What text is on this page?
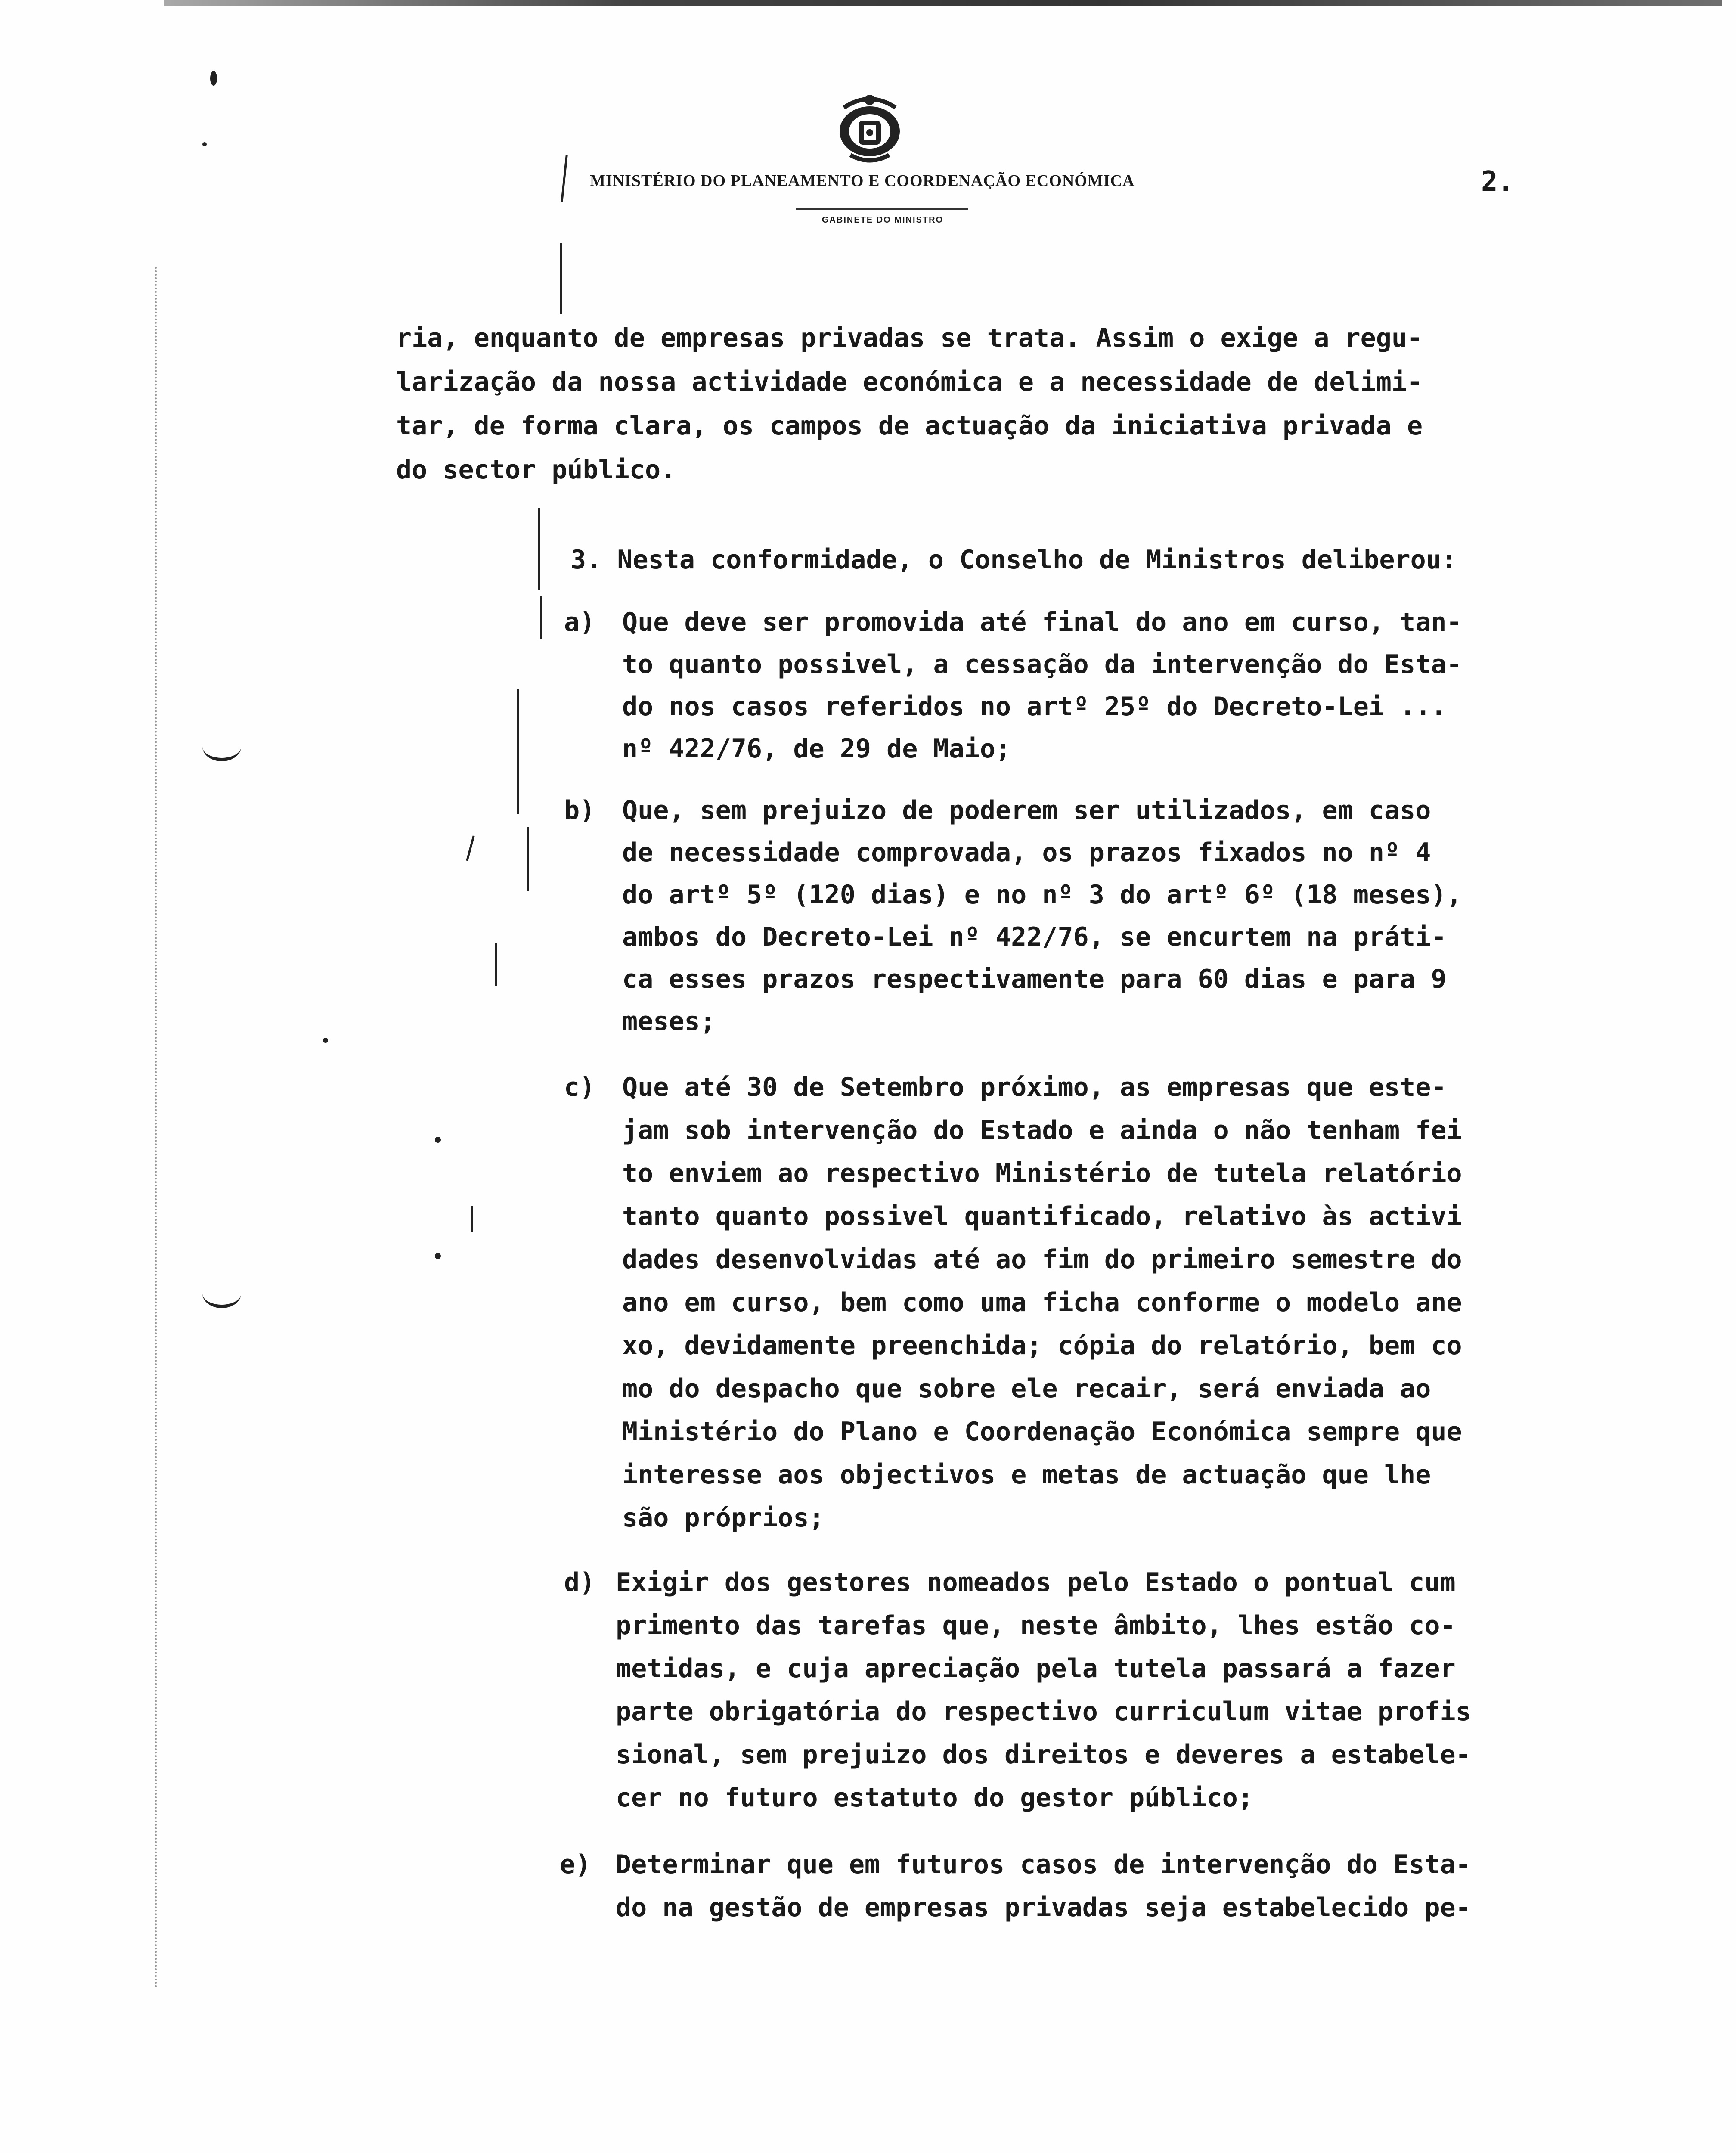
MINISTÉRIO DO PLANEAMENTO E COORDENAÇÃO ECONÓMICA
GABINETE DO MINISTRO
2.
ria, enquanto de empresas privadas se trata. Assim o exige a regu-
larização da nossa actividade económica e a necessidade de delimi-
tar, de forma clara, os campos de actuação da iniciativa privada e
do sector público.
3. Nesta conformidade, o Conselho de Ministros deliberou:
a) Que deve ser promovida até final do ano em curso, tan-
to quanto possivel, a cessação da intervenção do Esta-
do nos casos referidos no artº 25º do Decreto-Lei ...
nº 422/76, de 29 de Maio;
b) Que, sem prejuizo de poderem ser utilizados, em caso
de necessidade comprovada, os prazos fixados no nº 4
do artº 5º (120 dias) e no nº 3 do artº 6º (18 meses),
ambos do Decreto-Lei nº 422/76, se encurtem na práti-
ca esses prazos respectivamente para 60 dias e para 9
meses;
c) Que até 30 de Setembro próximo, as empresas que este-
jam sob intervenção do Estado e ainda o não tenham fei
to enviem ao respectivo Ministério de tutela relatório
tanto quanto possivel quantificado, relativo às activi
dades desenvolvidas até ao fim do primeiro semestre do
ano em curso, bem como uma ficha conforme o modelo ane
xo, devidamente preenchida; cópia do relatório, bem co
mo do despacho que sobre ele recair, será enviada ao
Ministério do Plano e Coordenação Económica sempre que
interesse aos objectivos e metas de actuação que lhe
são próprios;
d) Exigir dos gestores nomeados pelo Estado o pontual cum
primento das tarefas que, neste âmbito, lhes estão co-
metidas, e cuja apreciação pela tutela passará a fazer
parte obrigatória do respectivo curriculum vitae profis
sional, sem prejuizo dos direitos e deveres a estabele-
cer no futuro estatuto do gestor público;
e) Determinar que em futuros casos de intervenção do Esta-
do na gestão de empresas privadas seja estabelecido pe-
